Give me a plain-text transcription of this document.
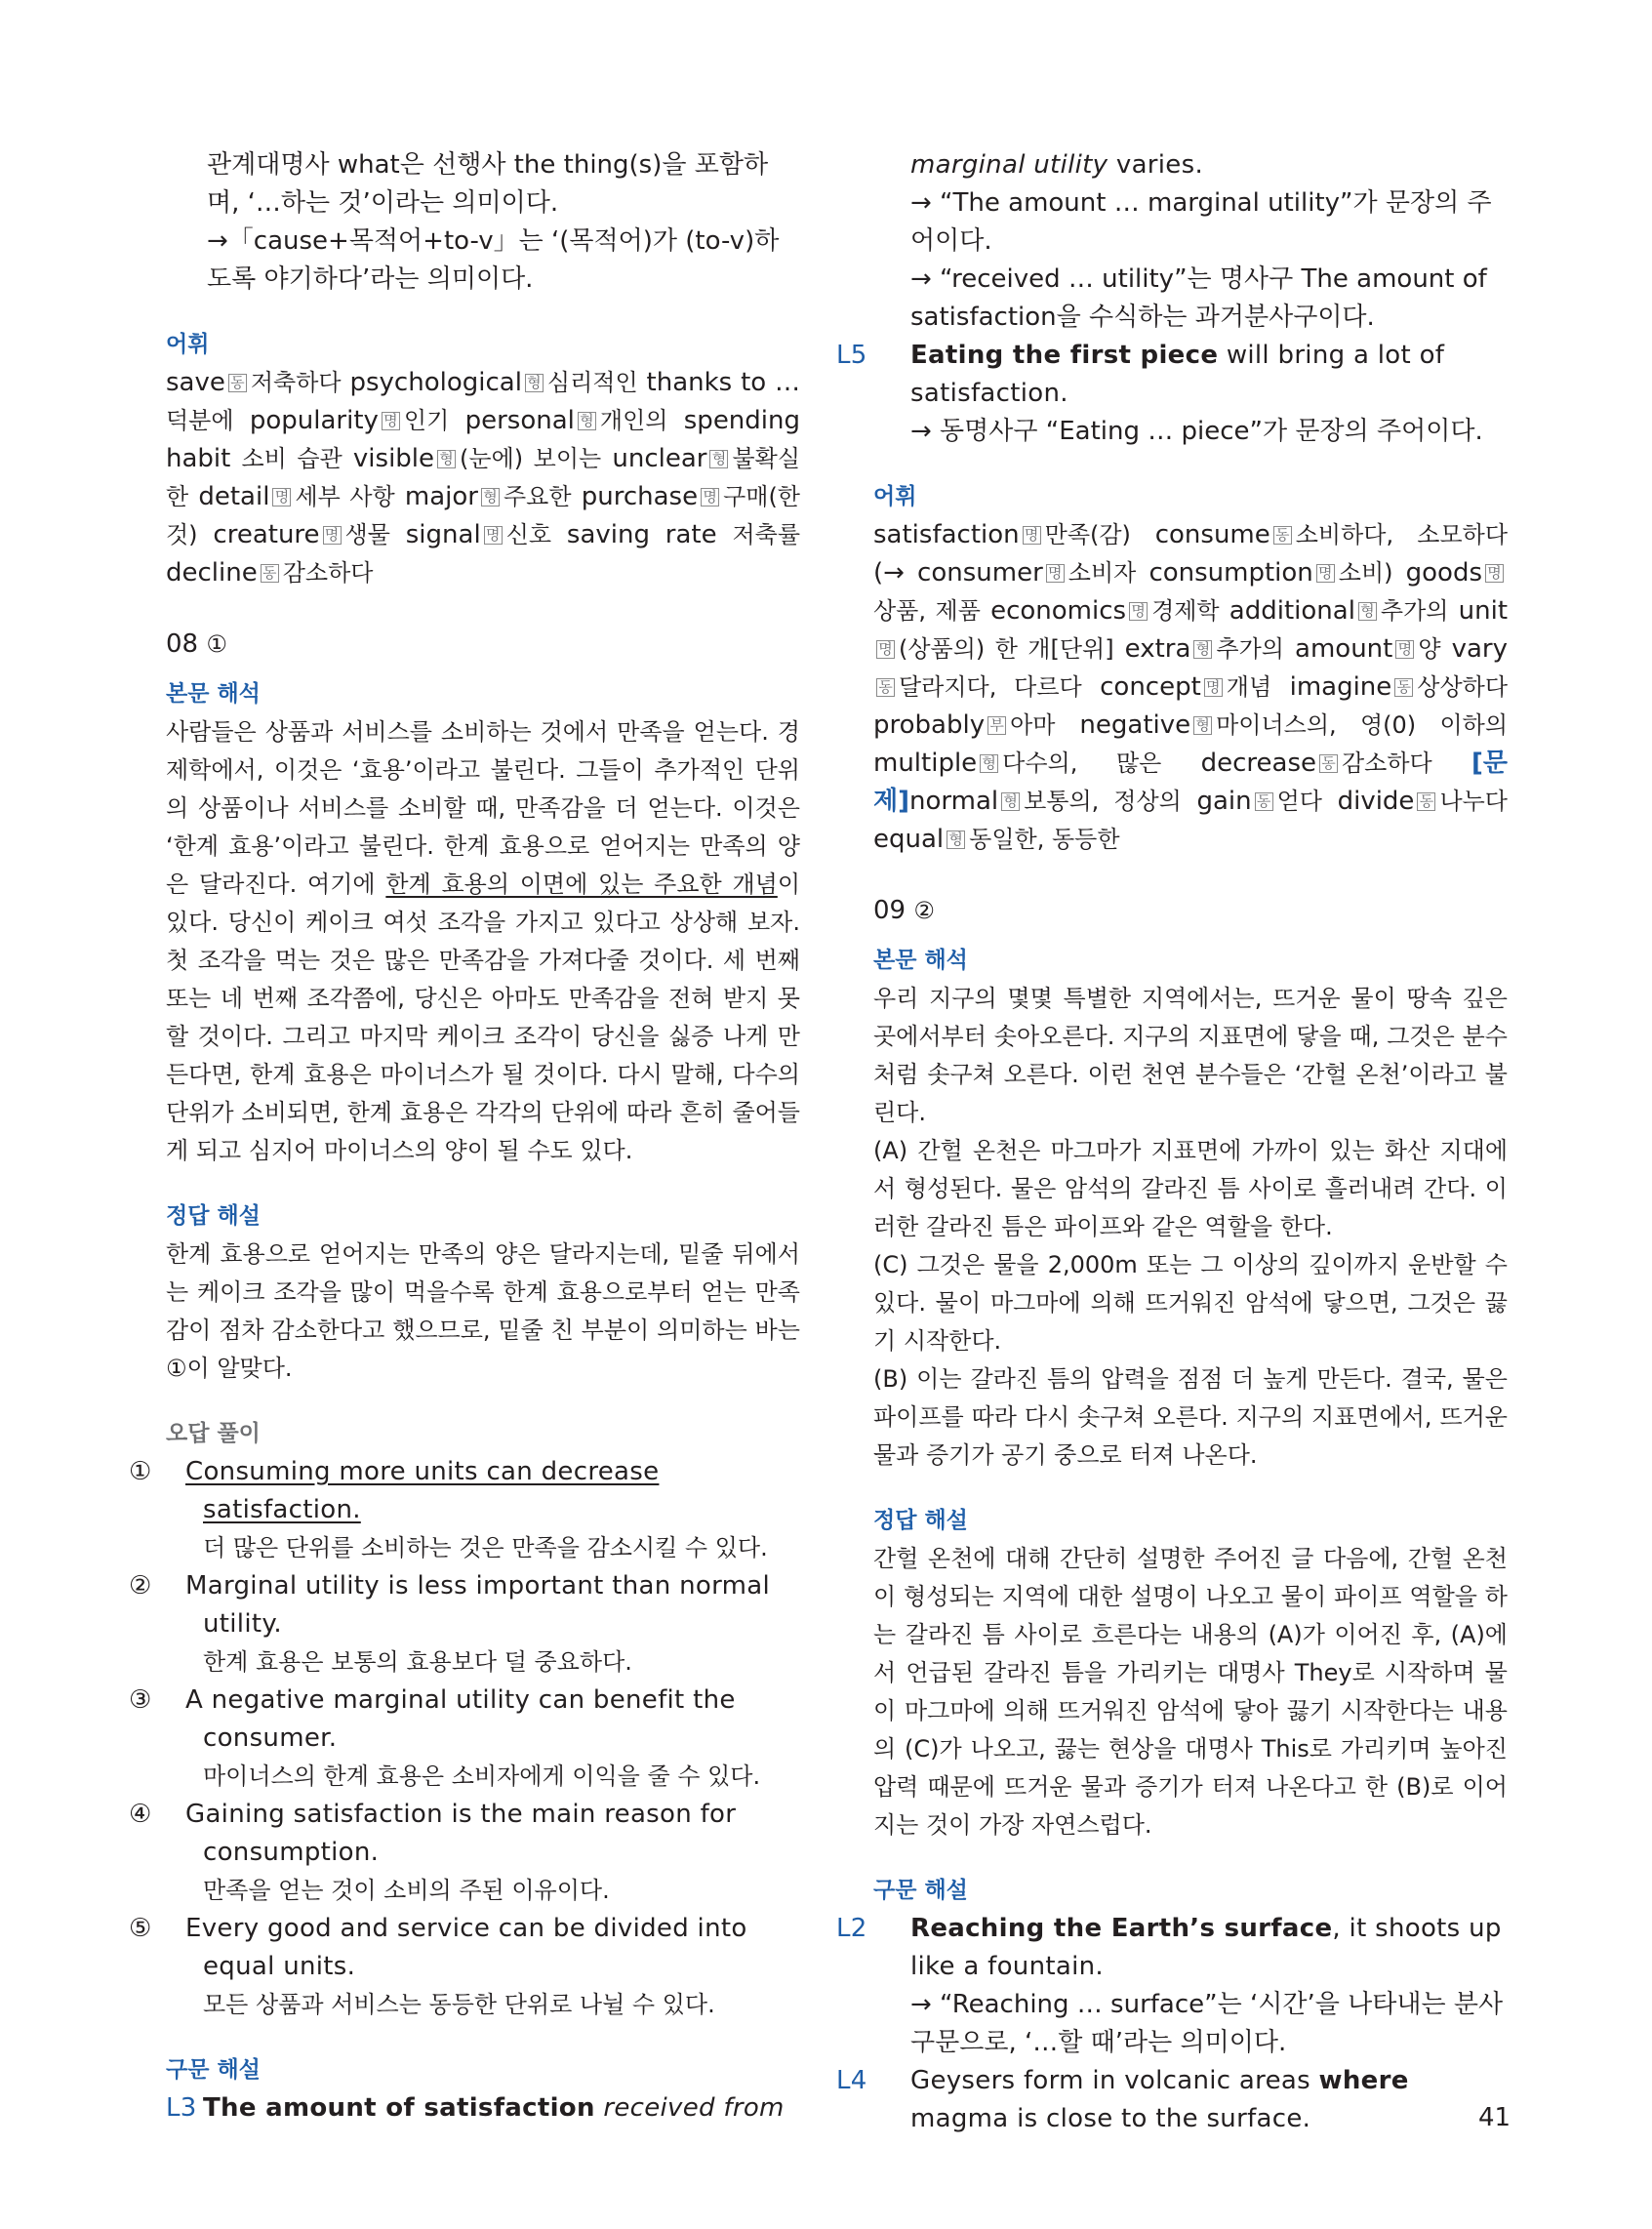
관계대명사 what은 선행사 the thing(s)을 포함하며, ‘…하는 것’이라는 의미이다.

→「cause+목적어+to-v」는 ‘(목적어)가 (to-v)하도록 야기하다’라는 의미이다.

어휘
save 동 저축하다 psychological 형 심리적인 thanks to … 덕분에 popularity 명 인기 personal 형 개인의 spending habit 소비 습관 visible 형 (눈에) 보이는 unclear 형 불확실한 detail 명 세부 사항 major 형 주요한 purchase 명 구매(한 것) creature 명 생물 signal 명 신호 saving rate 저축률 decline 동 감소하다
08 ①
본문 해석

사람들은 상품과 서비스를 소비하는 것에서 만족을 얻는다. 경제학에서, 이것은 ‘효용’이라고 불린다. 그들이 추가적인 단위의 상품이나 서비스를 소비할 때, 만족감을 더 얻는다. 이것은 ‘한계 효용’이라고 불린다. 한계 효용으로 얻어지는 만족의 양은 달라진다. 여기에 한계 효용의 이면에 있는 주요한 개념이 있다. 당신이 케이크 여섯 조각을 가지고 있다고 상상해 보자. 첫 조각을 먹는 것은 많은 만족감을 가져다줄 것이다. 세 번째 또는 네 번째 조각쯤에, 당신은 아마도 만족감을 전혀 받지 못할 것이다. 그리고 마지막 케이크 조각이 당신을 싫증 나게 만든다면, 한계 효용은 마이너스가 될 것이다. 다시 말해, 다수의 단위가 소비되면, 한계 효용은 각각의 단위에 따라 흔히 줄어들게 되고 심지어 마이너스의 양이 될 수도 있다.

정답 해설

한계 효용으로 얻어지는 만족의 양은 달라지는데, 밑줄 뒤에서는 케이크 조각을 많이 먹을수록 한계 효용으로부터 얻는 만족감이 점차 감소한다고 했으므로, 밑줄 친 부분이 의미하는 바는 ①이 알맞다.

오답 풀이

① Consuming more units can decrease satisfaction.

더 많은 단위를 소비하는 것은 만족을 감소시킬 수 있다.

② Marginal utility is less important than normal utility.

한계 효용은 보통의 효용보다 덜 중요하다.

③ A negative marginal utility can benefit the consumer.

마이너스의 한계 효용은 소비자에게 이익을 줄 수 있다.

④ Gaining satisfaction is the main reason for consumption.

만족을 얻는 것이 소비의 주된 이유이다.

⑤ Every good and service can be divided into equal units.

모든 상품과 서비스는 동등한 단위로 나뉠 수 있다.

구문 해설

L3 The amount of satisfaction received from

marginal utility varies.

→ “The amount … marginal utility”가 문장의 주어이다.

→ “received … utility”는 명사구 The amount of satisfaction을 수식하는 과거분사구이다.

L5 Eating the first piece will bring a lot of satisfaction.

→ 동명사구 “Eating … piece”가 문장의 주어이다.

어휘
satisfaction 명 만족(감) consume 동 소비하다, 소모하다 (→ consumer 명 소비자 consumption 명 소비) goods 명상품, 제품 economics 명 경제학 additional 형 추가의 unit명 (상품의) 한 개[단위] extra 형 추가의 amount 명 양 vary동 달라지다, 다르다 concept 명 개념 imagine 동 상상하다 probably 부 아마 negative 형 마이너스의, 영(0) 이하의 multiple 형 다수의, 많은 decrease 동 감소하다 [문제]normal 형 보통의, 정상의 gain 동 얻다 divide 동 나누다 equal 형 동일한, 동등한
09 ②
본문 해석

우리 지구의 몇몇 특별한 지역에서는, 뜨거운 물이 땅속 깊은 곳에서부터 솟아오른다. 지구의 지표면에 닿을 때, 그것은 분수처럼 솟구쳐 오른다. 이런 천연 분수들은 ‘간헐 온천’이라고 불린다.

(A) 간헐 온천은 마그마가 지표면에 가까이 있는 화산 지대에서 형성된다. 물은 암석의 갈라진 틈 사이로 흘러내려 간다. 이러한 갈라진 틈은 파이프와 같은 역할을 한다.

(C) 그것은 물을 2,000m 또는 그 이상의 깊이까지 운반할 수 있다. 물이 마그마에 의해 뜨거워진 암석에 닿으면, 그것은 끓기 시작한다.

(B) 이는 갈라진 틈의 압력을 점점 더 높게 만든다. 결국, 물은 파이프를 따라 다시 솟구쳐 오른다. 지구의 지표면에서, 뜨거운 물과 증기가 공기 중으로 터져 나온다.

정답 해설

간헐 온천에 대해 간단히 설명한 주어진 글 다음에, 간헐 온천이 형성되는 지역에 대한 설명이 나오고 물이 파이프 역할을 하는 갈라진 틈 사이로 흐른다는 내용의 (A)가 이어진 후, (A)에서 언급된 갈라진 틈을 가리키는 대명사 They로 시작하며 물이 마그마에 의해 뜨거워진 암석에 닿아 끓기 시작한다는 내용의 (C)가 나오고, 끓는 현상을 대명사 This로 가리키며 높아진 압력 때문에 뜨거운 물과 증기가 터져 나온다고 한 (B)로 이어지는 것이 가장 자연스럽다.

구문 해설

L2 Reaching the Earth’s surface, it shoots up like a fountain.

→ “Reaching … surface”는 ‘시간’을 나타내는 분사구문으로, ‘…할 때’라는 의미이다.

L4 Geysers form in volcanic areas where magma is close to the surface.	41
